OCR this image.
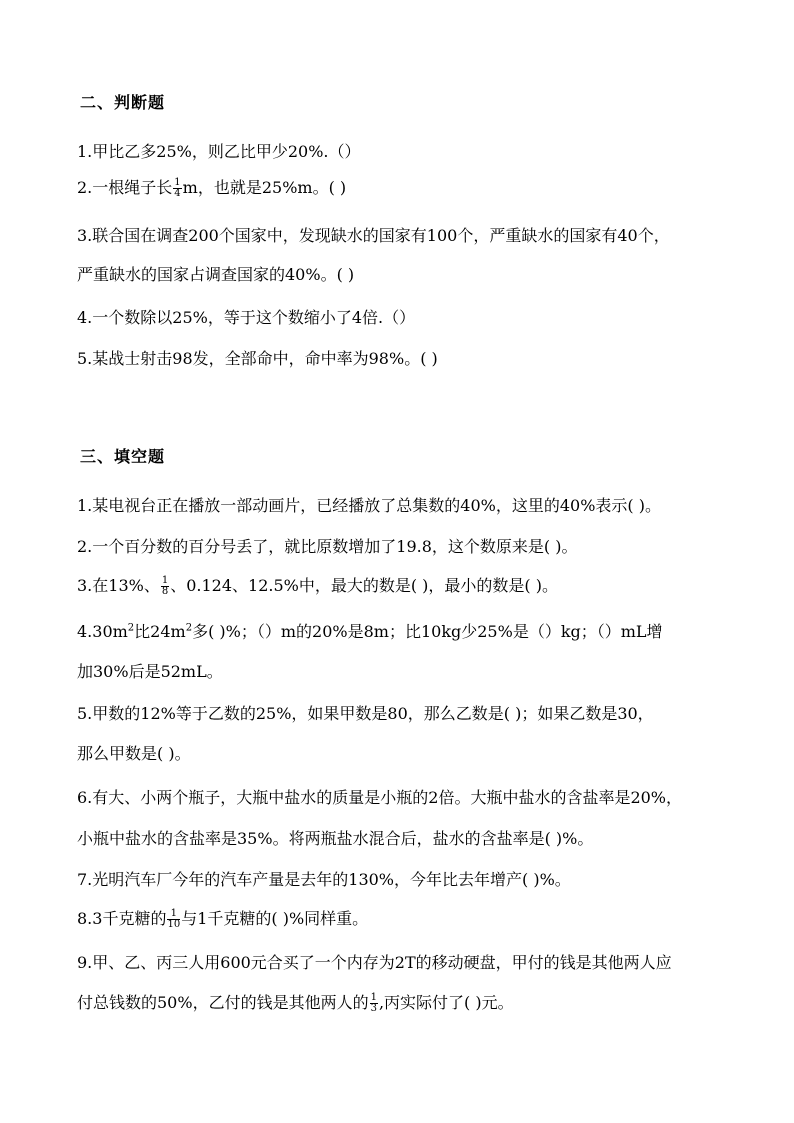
二、判断题
1.甲比乙多25%，则乙比甲少20%.（）
2.一根绳子长 $\frac{1}{4}$ m，也就是25%m。( )
3.联合国在调查200个国家中，发现缺水的国家有100个，严重缺水的国家有40个，
严重缺水的国家占调查国家的40%。( )
4.一个数除以25%，等于这个数缩小了4倍.（）
5.某战士射击98发，全部命中，命中率为98%。( )
三、填空题
1.某电视台正在播放一部动画片，已经播放了总集数的40%，这里的40%表示( )。
2.一个百分数的百分号丢了，就比原数增加了19.8，这个数原来是( )。
3.在13%、 $\frac{1}{8}$ 、0.124、12.5%中，最大的数是( )，最小的数是( )。
$4.30m^2$比$24m^2$多( )%；（）m的20%是8m；比10kg少25%是（）kg；（）mL增
加30%后是52mL。
5.甲数的12%等于乙数的25%，如果甲数是80，那么乙数是( )；如果乙数是30，
那么甲数是( )。
6.有大、小两个瓶子，大瓶中盐水的质量是小瓶的2倍。大瓶中盐水的含盐率是20%，
小瓶中盐水的含盐率是35%。将两瓶盐水混合后，盐水的含盐率是( )%。
7.光明汽车厂今年的汽车产量是去年的130%，今年比去年增产( )%。
8.3千克糖的 $\frac{1}{10}$ 与1千克糖的( )%同样重。
9.甲、乙、丙三人用600元合买了一个内存为2T的移动硬盘，甲付的钱是其他两人应
付总钱数的50%，乙付的钱是其他两人的 $\frac{1}{3}$ ,丙实际付了( )元。
